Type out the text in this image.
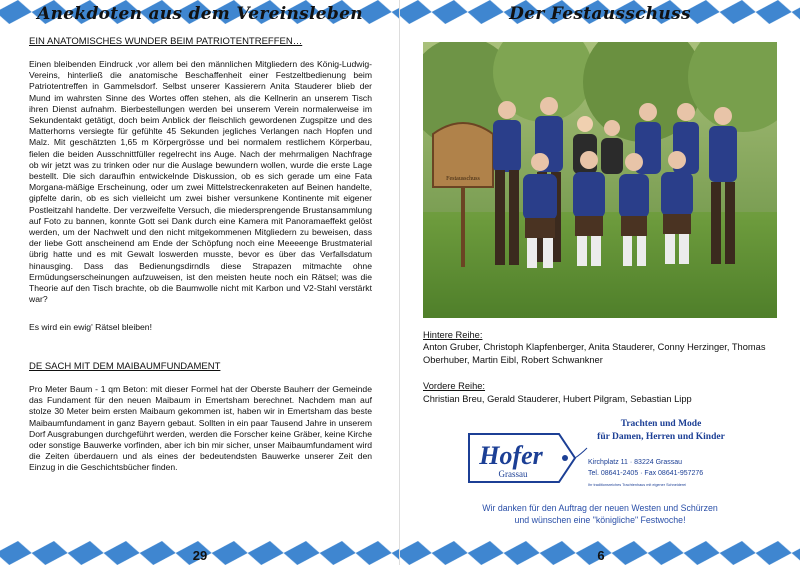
Anekdoten aus dem Vereinsleben
EIN ANATOMISCHES WUNDER BEIM PATRIOTENTREFFEN…

Einen bleibenden Eindruck ,vor allem bei den männlichen Mitgliedern des König-Ludwig-Vereins, hinterließ die anatomische Beschaffenheit einer Festzeltbedienung beim Patriotentreffen in Gammelsdorf. Selbst unserer Kassierern Anita Stauderer blieb der Mund im wahrsten Sinne des Wortes offen stehen, als die Kellnerin an unserem Tisch ihren Dienst aufnahm. Bierbestellungen werden bei unserem Verein normalerweise im Sekundentakt getätigt, doch beim Anblick der fleischlich gewordenen Zugspitze und des Matterhorns versiegte für gefühlte 45 Sekunden jegliches Verlangen nach Hopfen und Malz. Mit geschätzten 1,65 m Körpergrösse und bei normalem restlichem Körperbau, fielen die beiden Ausschnittfüller regelrecht ins Auge. Nach der mehrmaligen Nachfrage ob wir jetzt was zu trinken oder nur die Auslage bewundern wollen, wurde die erste Lage bestellt. Die sich daraufhin entwickelnde Diskussion, ob es sich gerade um eine Fata Morgana-mäßige Erscheinung, oder um zwei Mittelstreckenraketen auf Beinen handelte, gipfelte darin, ob es sich vielleicht um zwei bisher versunkene Kontinente mit eigener Postleitzahl handelte. Der verzweifelte Versuch, die miedersprengende Brustansammlung auf Foto zu bannen, konnte Gott sei Dank durch eine Kamera mit Panoramaeffekt gelöst werden, um der Nachwelt und den nicht mitgekommenen Mitgliedern zu beweisen, dass der liebe Gott anscheinend am Ende der Schöpfung noch eine Meeeenge Brustmaterial übrig hatte und es mit Gewalt loswerden musste, bevor es über das Verfallsdatum hinausging. Dass das Bedienungsdirndls diese Strapazen mitmachte ohne Ermüdungserscheinungen aufzuweisen, ist den meisten heute noch ein Rätsel; was die Theorie auf den Tisch brachte, ob die Baumwolle nicht mit Karbon und V2-Stahl verstärkt war?

Es wird ein ewig' Rätsel bleiben!
DE SACH MIT DEM MAIBAUMFUNDAMENT

Pro Meter Baum - 1 qm Beton: mit dieser Formel hat der Oberste Bauherr der Gemeinde das Fundament für den neuen Maibaum in Emertsham berechnet. Nachdem man auf stolze 30 Meter beim ersten Maibaum gekommen ist, haben wir in Emertsham das beste Maibaumfundament in ganz Bayern gebaut. Sollten in ein paar Tausend Jahre in unserem Dorf Ausgrabungen durchgeführt werden, werden die Forscher keine Gräber, keine Kirche oder sonstige Bauwerke vorfinden, aber ich bin mir sicher, unser Maibaumfundament wird die Zeiten überdauern und als eines der bedeutendsten Bauwerke unserer Zeit den Einzug in die Geschichtsbücher finden.

29
Der Festausschuss
Festausschuss
Hintere Reihe:
Anton Gruber, Christoph Klapfenberger, Anita Stauderer, Conny Herzinger, Thomas Oberhuber, Martin Eibl, Robert Schwankner
Vordere Reihe:
Christian Breu, Gerald Stauderer, Hubert Pilgram, Sebastian Lipp
Hofer
Grassau
Trachten und Mode
für Damen, Herren und Kinder
Kirchplatz 11 · 83224 Grassau
Tel. 08641-2405 · Fax 08641-957276
Ihr traditionsreiches Trachtenhaus mit eigener Schneiderei
Wir danken für den Auftrag der neuen Westen und Schürzen
und wünschen eine "königliche" Festwoche!
6
